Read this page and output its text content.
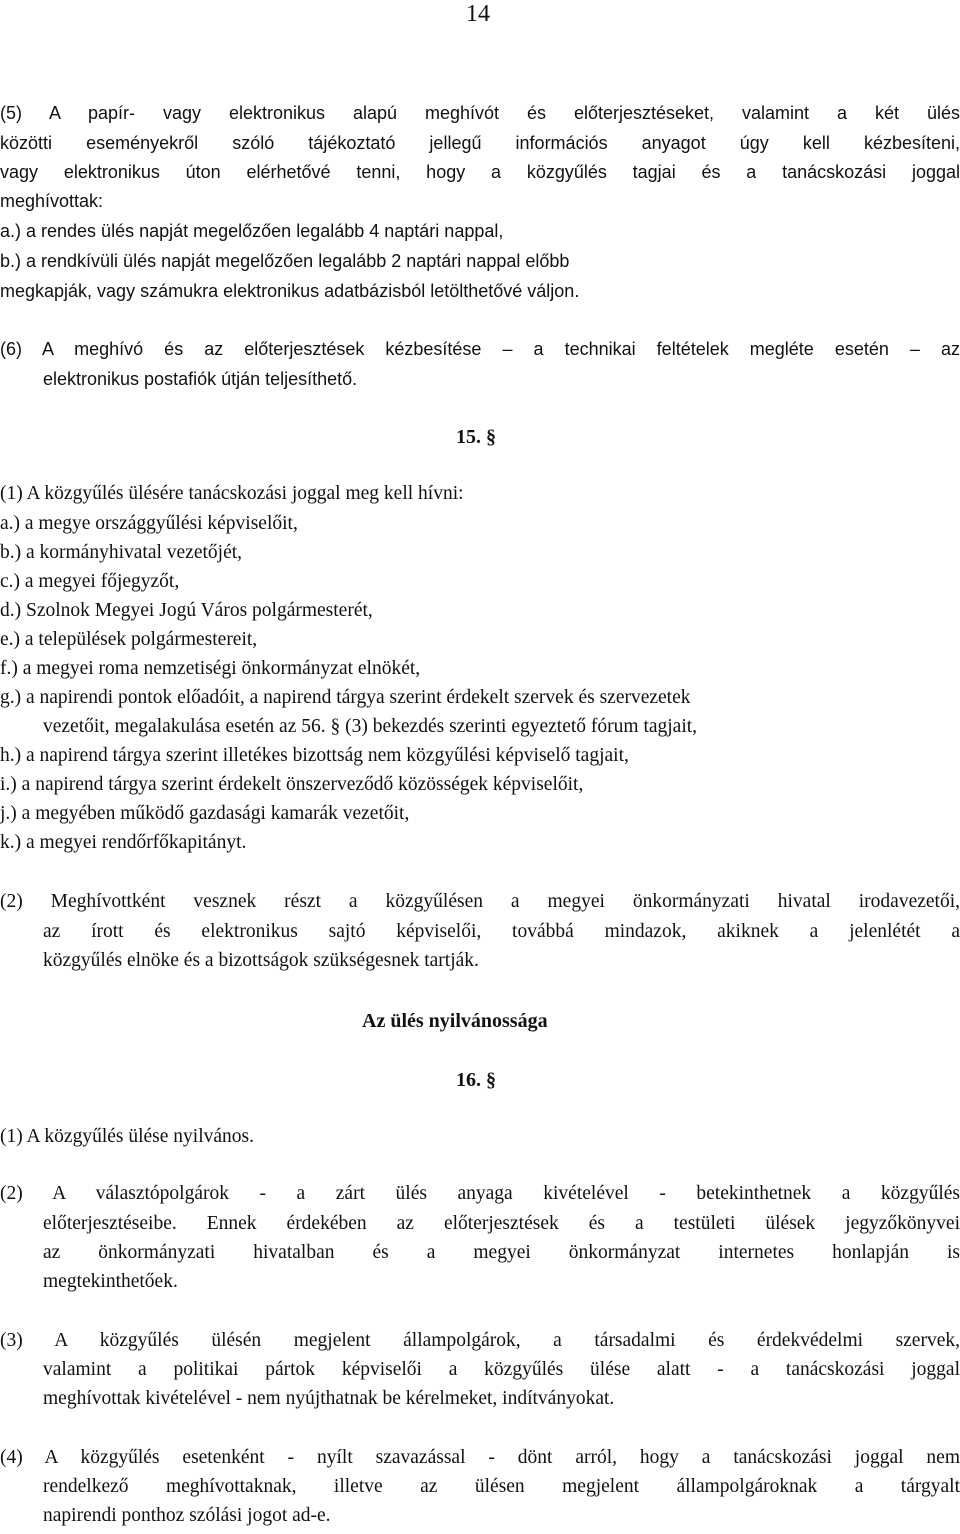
14
(5) A papír- vagy elektronikus alapú meghívót és előterjesztéseket, valamint a két ülés
közötti eseményekről szóló tájékoztató jellegű információs anyagot úgy kell kézbesíteni,
vagy elektronikus úton elérhetővé tenni, hogy a közgyűlés tagjai és a tanácskozási joggal
meghívottak:
a.) a rendes ülés napját megelőzően legalább 4 naptári nappal,
b.) a rendkívüli ülés napját megelőzően legalább 2 naptári nappal előbb
megkapják, vagy számukra elektronikus adatbázisból letölthetővé váljon.
(6) A meghívó és az előterjesztések kézbesítése – a technikai feltételek megléte esetén – az
elektronikus postafiók útján teljesíthető.
(1) A közgyűlés ülésére tanácskozási joggal meg kell hívni:
a.) a megye országgyűlési képviselőit,
b.) a kormányhivatal vezetőjét,
c.) a megyei főjegyzőt,
d.) Szolnok Megyei Jogú Város polgármesterét,
e.) a települések polgármestereit,
f.) a megyei roma nemzetiségi önkormányzat elnökét,
g.) a napirendi pontok előadóit, a napirend tárgya szerint érdekelt szervek és szervezetek
vezetőit, megalakulása esetén az 56. § (3) bekezdés szerinti egyeztető fórum tagjait,
h.) a napirend tárgya szerint illetékes bizottság nem közgyűlési képviselő tagjait,
i.) a napirend tárgya szerint érdekelt önszerveződő közösségek képviselőit,
j.) a megyében működő gazdasági kamarák vezetőit,
k.) a megyei rendőrfőkapitányt.
(2) Meghívottként vesznek részt a közgyűlésen a megyei önkormányzati hivatal irodavezetői,
az írott és elektronikus sajtó képviselői, továbbá mindazok, akiknek a jelenlétét a
közgyűlés elnöke és a bizottságok szükségesnek tartják.
(1) A közgyűlés ülése nyilvános.
(2) A választópolgárok - a zárt ülés anyaga kivételével - betekinthetnek a közgyűlés
előterjesztéseibe. Ennek érdekében az előterjesztések és a testületi ülések jegyzőkönyvei
az önkormányzati hivatalban és a megyei önkormányzat internetes honlapján is
megtekinthetőek.
(3) A közgyűlés ülésén megjelent állampolgárok, a társadalmi és érdekvédelmi szervek,
valamint a politikai pártok képviselői a közgyűlés ülése alatt - a tanácskozási joggal
meghívottak kivételével - nem nyújthatnak be kérelmeket, indítványokat.
(4) A közgyűlés esetenként - nyílt szavazással - dönt arról, hogy a tanácskozási joggal nem
rendelkező meghívottaknak, illetve az ülésen megjelent állampolgároknak a tárgyalt
napirendi ponthoz szólási jogot ad-e.
15. §
Az ülés nyilvánossága
16. §
